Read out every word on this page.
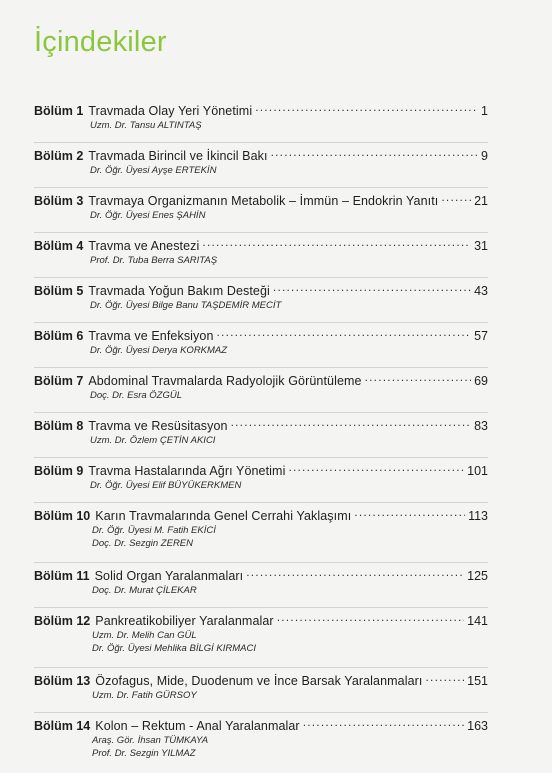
İçindekiler
Bölüm 1 Travmada Olay Yeri Yönetimi .....	1
Uzm. Dr. Tansu ALTINTAŞ
Bölüm 2 Travmada Birincil ve İkincil Bakı .....	9
Dr. Öğr. Üyesi Ayşe ERTEKİN
Bölüm 3 Travmaya Organizmanın Metabolik – İmmün – Endokrin Yanıtı .....	21
Dr. Öğr. Üyesi Enes ŞAHİN
Bölüm 4 Travma ve Anestezi .....	31
Prof. Dr. Tuba Berra SARITAŞ
Bölüm 5 Travmada Yoğun Bakım Desteği .....	43
Dr. Öğr. Üyesi Bilge Banu TAŞDEMİR MECİT
Bölüm 6 Travma ve Enfeksiyon .....	57
Dr. Öğr. Üyesi Derya KORKMAZ
Bölüm 7 Abdominal Travmalarda Radyolojik Görüntüleme .....	69
Doç. Dr. Esra ÖZGÜL
Bölüm 8 Travma ve Resüsitasyon .....	83
Uzm. Dr. Özlem ÇETİN AKICI
Bölüm 9 Travma Hastalarında Ağrı Yönetimi .....	101
Dr. Öğr. Üyesi Elif BÜYÜKERKMEN
Bölüm 10 Karın Travmalarında Genel Cerrahi Yaklaşımı .....	113
Dr. Öğr. Üyesi M. Fatih EKİCİ
Doç. Dr. Sezgin ZEREN
Bölüm 11 Solid Organ Yaralanmaları .....	125
Doç. Dr. Murat ÇİLEKAR
Bölüm 12 Pankreatikobiliyer Yaralanmalar .....	141
Uzm. Dr. Melih Can GÜL
Dr. Öğr. Üyesi Mehlika BİLGİ KIRMACI
Bölüm 13 Özofagus, Mide, Duodenum ve İnce Barsak Yaralanmaları .....	151
Uzm. Dr. Fatih GÜRSOY
Bölüm 14 Kolon – Rektum - Anal Yaralanmalar .....	163
Araş. Gör. İhsan TÜMKAYA
Prof. Dr. Sezgin YILMAZ
